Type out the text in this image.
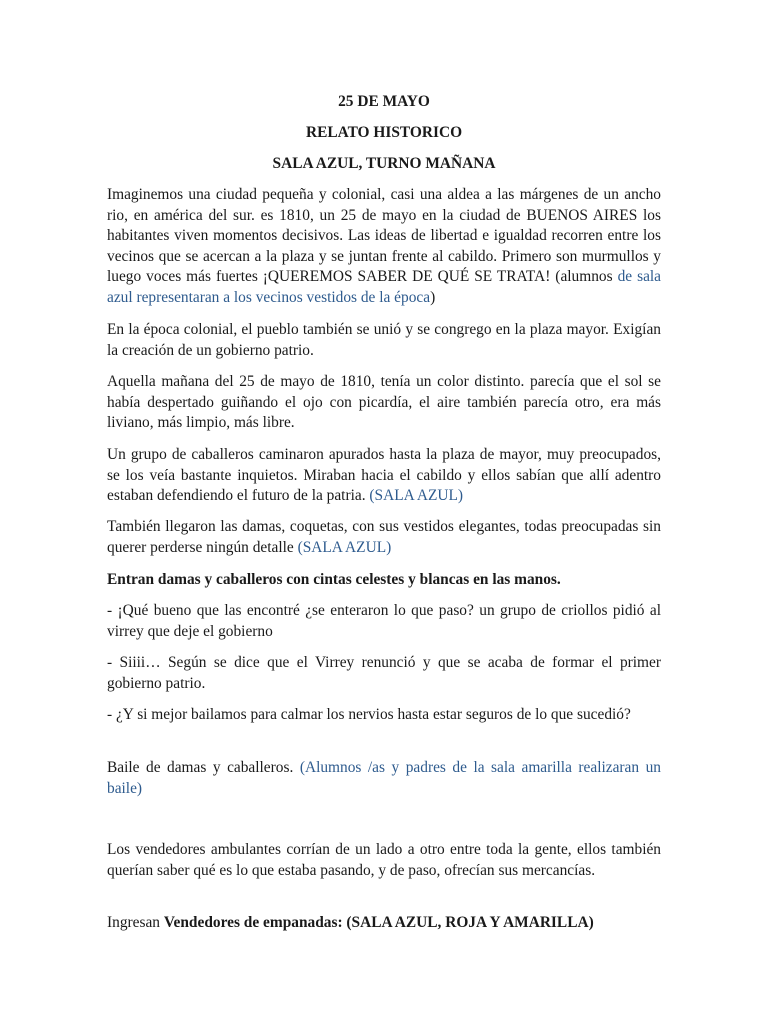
25 DE MAYO
RELATO HISTORICO
SALA AZUL, TURNO MAÑANA

Imaginemos una ciudad pequeña y colonial, casi una aldea a las márgenes de un ancho rio, en américa del sur. es 1810, un 25 de mayo en la ciudad de BUENOS AIRES los habitantes viven momentos decisivos. Las ideas de libertad e igualdad recorren entre los vecinos que se acercan a la plaza y se juntan frente al cabildo. Primero son murmullos y luego voces más fuertes ¡QUEREMOS SABER DE QUÉ SE TRATA! (alumnos de sala azul representaran a los vecinos vestidos de la época)

En la época colonial, el pueblo también se unió y se congrego en la plaza mayor. Exigían la creación de un gobierno patrio.

Aquella mañana del 25 de mayo de 1810, tenía un color distinto. parecía que el sol se había despertado guiñando el ojo con picardía, el aire también parecía otro, era más liviano, más limpio, más libre.

Un grupo de caballeros caminaron apurados hasta la plaza de mayor, muy preocupados, se los veía bastante inquietos. Miraban hacia el cabildo y ellos sabían que allí adentro estaban defendiendo el futuro de la patria. (SALA AZUL)

También llegaron las damas, coquetas, con sus vestidos elegantes, todas preocupadas sin querer perderse ningún detalle (SALA AZUL)

Entran damas y caballeros con cintas celestes y blancas en las manos.

- ¡Qué bueno que las encontré ¿se enteraron lo que paso? un grupo de criollos pidió al virrey que deje el gobierno

- Siiii… Según se dice que el Virrey renunció y que se acaba de formar el primer gobierno patrio.

- ¿Y si mejor bailamos para calmar los nervios hasta estar seguros de lo que sucedió?

Baile de damas y caballeros. (Alumnos /as y padres de la sala amarilla realizaran un baile)

Los vendedores ambulantes corrían de un lado a otro entre toda la gente, ellos también querían saber qué es lo que estaba pasando, y de paso, ofrecían sus mercancías.

Ingresan Vendedores de empanadas: (SALA AZUL, ROJA Y AMARILLA)
